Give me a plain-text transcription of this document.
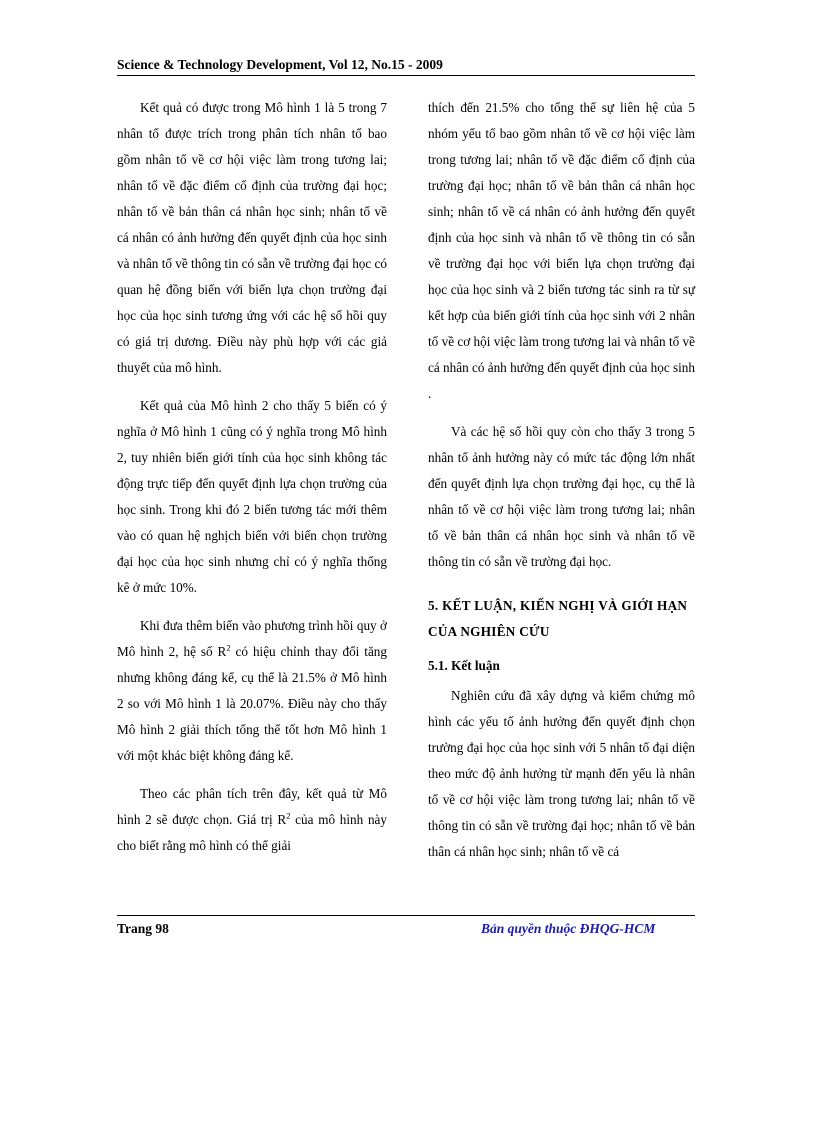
Science & Technology Development, Vol 12, No.15 - 2009

Kết quả có được trong Mô hình 1 là 5 trong 7 nhân tố được trích trong phân tích nhân tố bao gồm nhân tố về cơ hội việc làm trong tương lai; nhân tố về đặc điểm cố định của trường đại học; nhân tố về bản thân cá nhân học sinh; nhân tố về cá nhân có ảnh hưởng đến quyết định của học sinh và nhân tố về thông tin có sẵn về trường đại học có quan hệ đồng biến với biến lựa chọn trường đại học của học sinh tương ứng với các hệ số hồi quy có giá trị dương. Điều này phù hợp với các giả thuyết của mô hình.

Kết quả của Mô hình 2 cho thấy 5 biến có ý nghĩa ở Mô hình 1 cũng có ý nghĩa trong Mô hình 2, tuy nhiên biến giới tính của học sinh không tác động trực tiếp đến quyết định lựa chọn trường của học sinh. Trong khi đó 2 biến tương tác mới thêm vào có quan hệ nghịch biến với biến chọn trường đại học của học sinh nhưng chỉ có ý nghĩa thống kê ở mức 10%.

Khi đưa thêm biến vào phương trình hồi quy ở Mô hình 2, hệ số $R^2$ có hiệu chỉnh thay đổi tăng nhưng không đáng kể, cụ thể là 21.5% ở Mô hình 2 so với Mô hình 1 là 20.07%. Điều này cho thấy Mô hình 2 giải thích tổng thể tốt hơn Mô hình 1 với một khác biệt không đáng kể.

Theo các phân tích trên đây, kết quả từ Mô hình 2 sẽ được chọn. Giá trị $R^2$ của mô hình này cho biết rằng mô hình có thể giải

thích đến 21.5% cho tổng thể sự liên hệ của 5 nhóm yếu tố bao gồm nhân tố về cơ hội việc làm trong tương lai; nhân tố về đặc điểm cố định của trường đại học; nhân tố về bản thân cá nhân học sinh; nhân tố về cá nhân có ảnh hưởng đến quyết định của học sinh và nhân tố về thông tin có sẵn về trường đại học với biến lựa chọn trường đại học của học sinh và 2 biến tương tác sinh ra từ sự kết hợp của biến giới tính của học sinh với 2 nhân tố về cơ hội việc làm trong tương lai và nhân tố về cá nhân có ảnh hưởng đến quyết định của học sinh .

Và các hệ số hồi quy còn cho thấy 3 trong 5 nhân tố ảnh hưởng này có mức tác động lớn nhất đến quyết định lựa chọn trường đại học, cụ thể là nhân tố về cơ hội việc làm trong tương lai; nhân tố về bản thân cá nhân học sinh và nhân tố về thông tin có sẵn về trường đại học.

5. KẾT LUẬN, KIẾN NGHỊ VÀ GIỚI HẠN CỦA NGHIÊN CỨU
5.1. Kết luận

Nghiên cứu đã xây dựng và kiểm chứng mô hình các yếu tố ảnh hưởng đến quyết định chọn trường đại học của học sinh với 5 nhân tố đại diện theo mức độ ảnh hưởng từ mạnh đến yếu là nhân tố về cơ hội việc làm trong tương lai; nhân tố về thông tin có sẵn về trường đại học; nhân tố về bản thân cá nhân học sinh; nhân tố về cá

Trang 98	Bản quyền thuộc ĐHQG-HCM
